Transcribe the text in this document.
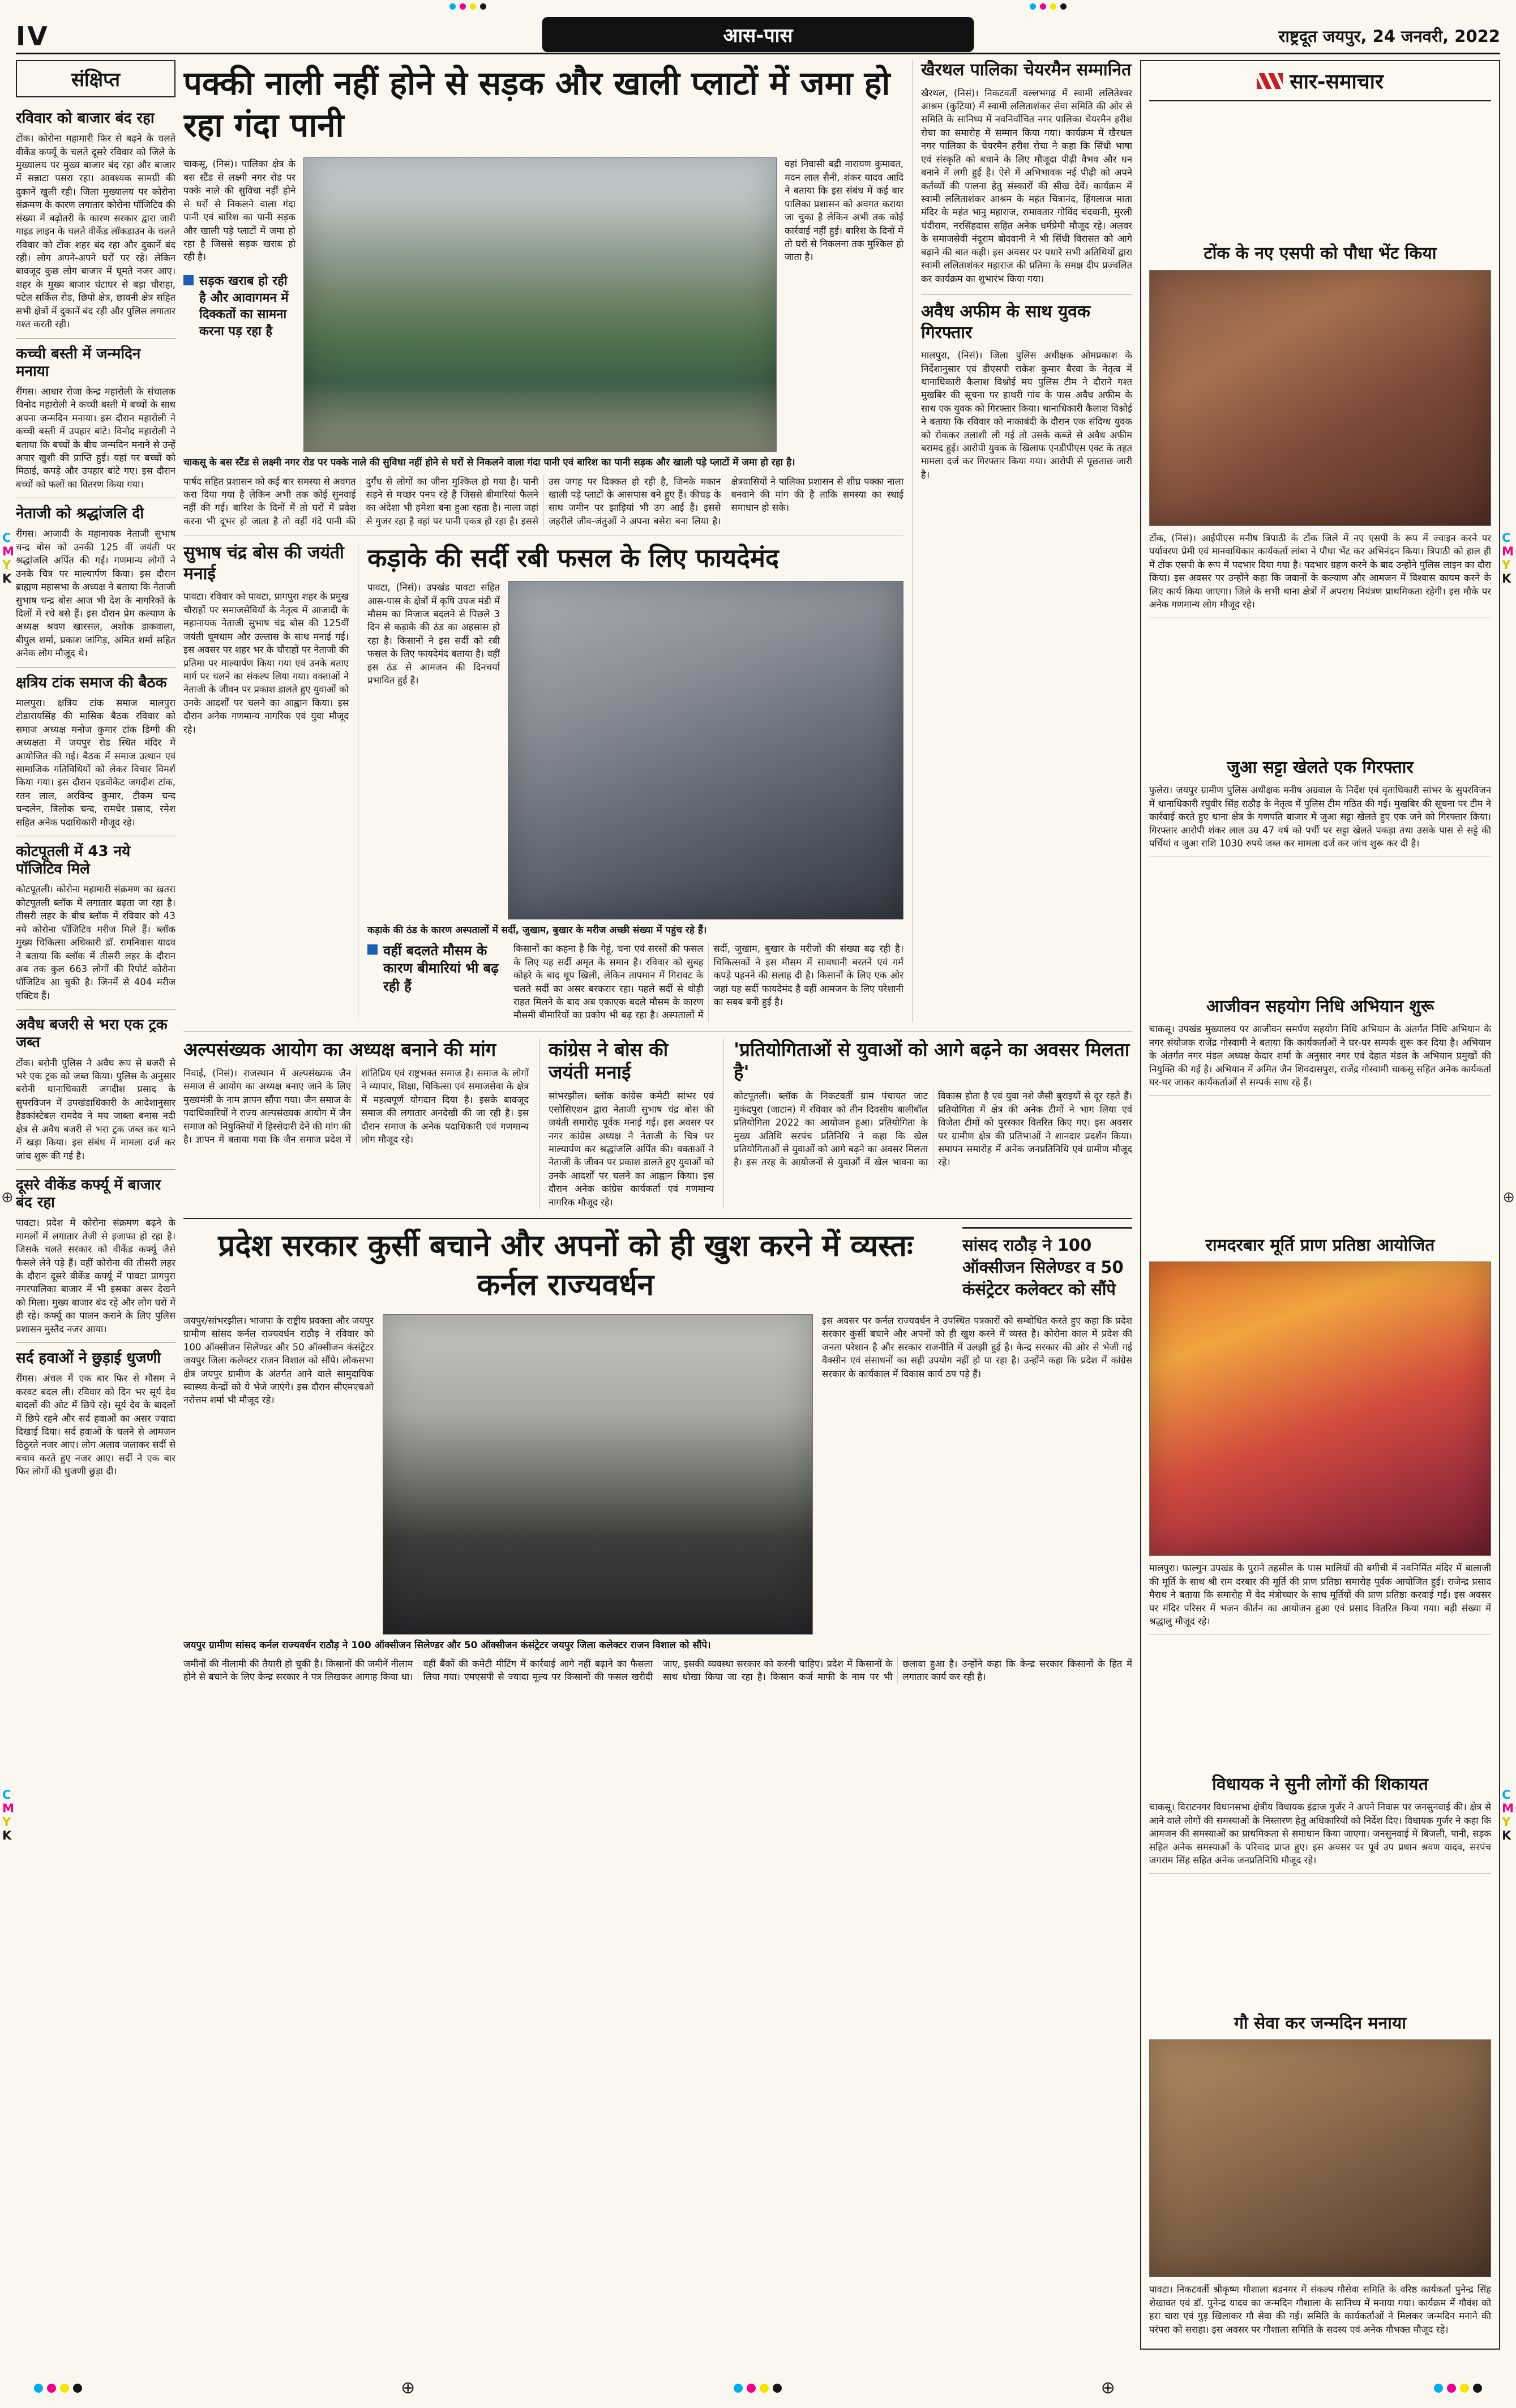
IV	आस-पास	राष्ट्रदूत जयपुर, 24 जनवरी, 2022
संक्षिप्त
रविवार को बाजार बंद रहा

टोंक। कोरोना महामारी फिर से बढ़ने के चलते वीकेंड कर्फ्यू के चलते दूसरे रविवार को जिले के मुख्यालय पर मुख्य बाजार बंद रहा और बाजार में सन्नाटा पसरा रहा। आवश्यक सामग्री की दुकानें खुली रही। जिला मुख्यालय पर कोरोना संक्रमण के कारण लगातार कोरोना पॉजिटिव की संख्या में बढ़ोतरी के कारण सरकार द्वारा जारी गाइड लाइन के चलते वीकेंड लॉकडाउन के चलते रविवार को टोंक शहर बंद रहा और दुकानें बंद रही। लोग अपने-अपने घरों पर रहे। लेकिन बावजूद कुछ लोग बाजार में घूमते नजर आए। शहर के मुख्य बाजार घंटाघर से बड़ा चौराहा, पटेल सर्किल रोड, छिपो क्षेत्र, छावनी क्षेत्र सहित सभी क्षेत्रों में दुकानें बंद रही और पुलिस लगातार गश्त करती रही।

कच्ची बस्ती में जन्मदिन मनाया

रींगस। आधार रोजा केन्द्र महारोली के संचालक विनोद महारोली ने कच्ची बस्ती में बच्चों के साथ अपना जन्मदिन मनाया। इस दौरान महारोली ने कच्ची बस्ती में उपहार बांटे। विनोद महारोली ने बताया कि बच्चों के बीच जन्मदिन मनाने से उन्हें अपार खुशी की प्राप्ति हुई। यहां पर बच्चों को मिठाई, कपड़े और उपहार बांटे गए। इस दौरान बच्चों को फलों का वितरण किया गया।

नेताजी को श्रद्धांजलि दी

रींगस। आजादी के महानायक नेताजी सुभाष चन्द्र बोस को उनकी 125 वीं जयंती पर श्रद्धांजलि अर्पित की गई। गणमान्य लोगों ने उनके चित्र पर माल्यार्पण किया। इस दौरान ब्राह्मण महासभा के अध्यक्ष ने बताया कि नेताजी सुभाष चन्द्र बोस आज भी देश के नागरिकों के दिलों में रचे बसे हैं। इस दौरान प्रेम कल्याण के अध्यक्ष श्रवण खारसल, अशोक डाकवाला, बीपुल शर्मा, प्रकाश जांगिड़, अमित शर्मा सहित अनेक लोग मौजूद थे।

क्षत्रिय टांक समाज की बैठक

मालपुरा। क्षत्रिय टांक समाज मालपुरा टोडारायसिंह की मासिक बैठक रविवार को समाज अध्यक्ष मनोज कुमार टांक डिग्गी की अध्यक्षता में जयपुर रोड स्थित मंदिर में आयोजित की गई। बैठक में समाज उत्थान एवं सामाजिक गतिविधियों को लेकर विचार विमर्श किया गया। इस दौरान एडवोकेट जगदीश टांक, रतन लाल, अरविन्द कुमार, टीकम चन्द चन्दलेन, त्रिलोक चन्द, रामधेर प्रसाद, रमेश सहित अनेक पदाधिकारी मौजूद रहे।

कोटपूतली में 43 नये पॉजिटिव मिले

कोटपूतली। कोरोना महामारी संक्रमण का खतरा कोटपूतली ब्लॉक में लगातार बढ़ता जा रहा है। तीसरी लहर के बीच ब्लॉक में रविवार को 43 नये कोरोना पॉजिटिव मरीज मिले हैं। ब्लॉक मुख्य चिकित्सा अधिकारी डॉ. रामनिवास यादव ने बताया कि ब्लॉक में तीसरी लहर के दौरान अब तक कुल 663 लोगों की रिपोर्ट कोरोना पॉजिटिव आ चुकी है। जिनमें से 404 मरीज एक्टिव हैं।

अवैध बजरी से भरा एक ट्रक जब्त

टोंक। बरोनी पुलिस ने अवैध रूप से बजरी से भरे एक ट्रक को जब्त किया। पुलिस के अनुसार बरोनी थानाधिकारी जगदीश प्रसाद के सुपरविजन में उपखंडाधिकारी के आदेशानुसार हैडकांस्टेबल रामदेव ने मय जाब्ता बनास नदी क्षेत्र से अवैध बजरी से भरा ट्रक जब्त कर थाने में खड़ा किया। इस संबंध में मामला दर्ज कर जांच शुरू की गई है।

दूसरे वीकेंड कर्फ्यू में बाजार बंद रहा

पावटा। प्रदेश में कोरोना संक्रमण बढ़ने के मामलों में लगातार तेजी से इजाफा हो रहा है। जिसके चलते सरकार को वीकेंड कर्फ्यू जैसे फैसले लेने पड़े हैं। वहीं कोरोना की तीसरी लहर के दौरान दूसरे वीकेंड कर्फ्यू में पावटा प्रागपुरा नगरपालिका बाजार में भी इसका असर देखने को मिला। मुख्य बाजार बंद रहे और लोग घरों में ही रहे। कर्फ्यू का पालन कराने के लिए पुलिस प्रशासन मुस्तैद नजर आया।

सर्द हवाओं ने छुड़ाई धुजणी

रींगस। अंचल में एक बार फिर से मौसम ने करवट बदल ली। रविवार को दिन भर सूर्य देव बादलों की ओट में छिपे रहे। सूर्य देव के बादलों में छिपे रहने और सर्द हवाओं का असर ज्यादा दिखाई दिया। सर्द हवाओं के चलने से आमजन ठिठुरते नजर आए। लोग अलाव जलाकर सर्दी से बचाव करते हुए नजर आए। सर्दी ने एक बार फिर लोगों की धुजणी छुड़ा दी।

पक्की नाली नहीं होने से सड़क और खाली प्लाटों में जमा हो रहा गंदा पानी

चाकसू, (निसं)। पालिका क्षेत्र के बस स्टैंड से लक्ष्मी नगर रोड पर पक्के नाले की सुविधा नहीं होने से घरों से निकलने वाला गंदा पानी एवं बारिश का पानी सड़क और खाली पड़े प्लाटों में जमा हो रहा है जिससे सड़क खराब हो रही है।

सड़क खराब हो रही है और आवागमन में दिक्कतों का सामना करना पड़ रहा है

वहां निवासी बद्री नारायण कुमावत, मदन लाल सैनी, शंकर यादव आदि ने बताया कि इस संबंध में कई बार पालिका प्रशासन को अवगत कराया जा चुका है लेकिन अभी तक कोई कार्रवाई नहीं हुई। बारिश के दिनों में तो घरों से निकलना तक मुश्किल हो जाता है।

चाकसू के बस स्टैंड से लक्ष्मी नगर रोड पर पक्के नाले की सुविधा नहीं होने से घरों से निकलने वाला गंदा पानी एवं बारिश का पानी सड़क और खाली पड़े प्लाटों में जमा हो रहा है।

पार्षद सहित प्रशासन को कई बार समस्या से अवगत करा दिया गया है लेकिन अभी तक कोई सुनवाई नहीं की गई। बारिश के दिनों में तो घरों में प्रवेश करना भी दूभर हो जाता है तो वहीं गंदे पानी की दुर्गंध से लोगों का जीना मुश्किल हो गया है। पानी सड़ने से मच्छर पनप रहे हैं जिससे बीमारियां फैलने का अंदेशा भी हमेशा बना हुआ रहता है। नाला जहां से गुजर रहा है वहां पर पानी एकत्र हो रहा है। इससे उस जगह पर दिक्कत हो रही है, जिनके मकान खाली पड़े प्लाटों के आसपास बने हुए हैं। कीचड़ के साथ जमीन पर झाड़ियां भी उग आई हैं। इससे जहरीले जीव-जंतुओं ने अपना बसेरा बना लिया है। क्षेत्रवासियों ने पालिका प्रशासन से शीघ्र पक्का नाला बनवाने की मांग की है ताकि समस्या का स्थाई समाधान हो सके।
सुभाष चंद्र बोस की जयंती मनाई

पावटा। रविवार को पावटा, प्रागपुरा शहर के प्रमुख चौराहों पर समाजसेवियों के नेतृत्व में आजादी के महानायक नेताजी सुभाष चंद्र बोस की 125वीं जयंती धूमधाम और उल्लास के साथ मनाई गई। इस अवसर पर शहर भर के चौराहों पर नेताजी की प्रतिमा पर माल्यार्पण किया गया एवं उनके बताए मार्ग पर चलने का संकल्प लिया गया। वक्ताओं ने नेताजी के जीवन पर प्रकाश डालते हुए युवाओं को उनके आदर्शों पर चलने का आह्वान किया। इस दौरान अनेक गणमान्य नागरिक एवं युवा मौजूद रहे।

कड़ाके की सर्दी रबी फसल के लिए फायदेमंद

पावटा, (निसं)। उपखंड पावटा सहित आस-पास के क्षेत्रों में कृषि उपज मंडी में मौसम का मिजाज बदलने से पिछले 3 दिन से कड़ाके की ठंड का अहसास हो रहा है। किसानों ने इस सर्दी को रबी फसल के लिए फायदेमंद बताया है। वहीं इस ठंड से आमजन की दिनचर्या प्रभावित हुई है।

कड़ाके की ठंड के कारण अस्पतालों में सर्दी, जुखाम, बुखार के मरीज अच्छी संख्या में पहुंच रहे हैं।

वहीं बदलते मौसम के कारण बीमारियां भी बढ़ रही हैं
किसानों का कहना है कि गेहूं, चना एवं सरसों की फसल के लिए यह सर्दी अमृत के समान है। रविवार को सुबह कोहरे के बाद धूप खिली, लेकिन तापमान में गिरावट के चलते सर्दी का असर बरकरार रहा। पहले सर्दी से थोड़ी राहत मिलने के बाद अब एकाएक बदले मौसम के कारण मौसमी बीमारियों का प्रकोप भी बढ़ रहा है। अस्पतालों में सर्दी, जुखाम, बुखार के मरीजों की संख्या बढ़ रही है। चिकित्सकों ने इस मौसम में सावधानी बरतने एवं गर्म कपड़े पहनने की सलाह दी है। किसानों के लिए एक ओर जहां यह सर्दी फायदेमंद है वहीं आमजन के लिए परेशानी का सबब बनी हुई है।
खैरथल पालिका चेयरमैन सम्मानित

खैरथल, (निसं)। निकटवर्ती वल्लभगढ़ में स्वामी ललितेश्वर आश्रम (कुटिया) में स्वामी ललिताशंकर सेवा समिति की ओर से समिति के सानिध्य में नवनिर्वाचित नगर पालिका चेयरमैन हरीश रोचा का समारोह में सम्मान किया गया। कार्यक्रम में खैरथल नगर पालिका के चेयरमैन हरीश रोचा ने कहा कि सिंधी भाषा एवं संस्कृति को बचाने के लिए मौजूदा पीढ़ी वैभव और धन बनाने में लगी हुई है। ऐसे में अभिभावक नई पीढ़ी को अपने कर्तव्यों की पालना हेतु संस्कारों की सीख देवें। कार्यक्रम में स्वामी ललिताशंकर आश्रम के महंत चित्रानंद, हिंगलाज माता मंदिर के महंत भानु महाराज, रामावतार गोविंद चंदवानी, मुरली चंदीराम, नरसिंहदास सहित अनेक धर्मप्रेमी मौजूद रहे। अलवर के समाजसेवी नंदूराम बोदवानी ने भी सिंधी विरासत को आगे बढ़ाने की बात कही। इस अवसर पर पधारे सभी अतिथियों द्वारा स्वामी ललिताशंकर महाराज की प्रतिमा के समक्ष दीप प्रज्वलित कर कार्यक्रम का शुभारंभ किया गया।

अवैध अफीम के साथ युवक गिरफ्तार

मालपुरा, (निसं)। जिला पुलिस अधीक्षक ओमप्रकाश के निर्देशानुसार एवं डीएसपी राकेश कुमार बैरवा के नेतृत्व में थानाधिकारी कैलाश विश्नोई मय पुलिस टीम ने दौराने गश्त मुखबिर की सूचना पर हाथरी गांव के पास अवैध अफीम के साथ एक युवक को गिरफ्तार किया। थानाधिकारी कैलाश विश्नोई ने बताया कि रविवार को नाकाबंदी के दौरान एक संदिग्ध युवक को रोककर तलाशी ली गई तो उसके कब्जे से अवैध अफीम बरामद हुई। आरोपी युवक के खिलाफ एनडीपीएस एक्ट के तहत मामला दर्ज कर गिरफ्तार किया गया। आरोपी से पूछताछ जारी है।

अल्पसंख्यक आयोग का अध्यक्ष बनाने की मांग
निवाई, (निसं)। राजस्थान में अल्पसंख्यक जैन समाज से आयोग का अध्यक्ष बनाए जाने के लिए मुख्यमंत्री के नाम ज्ञापन सौंपा गया। जैन समाज के पदाधिकारियों ने राज्य अल्पसंख्यक आयोग में जैन समाज को नियुक्तियों में हिस्सेदारी देने की मांग की है। ज्ञापन में बताया गया कि जैन समाज प्रदेश में शांतिप्रिय एवं राष्ट्रभक्त समाज है। समाज के लोगों ने व्यापार, शिक्षा, चिकित्सा एवं समाजसेवा के क्षेत्र में महत्वपूर्ण योगदान दिया है। इसके बावजूद समाज की लगातार अनदेखी की जा रही है। इस दौरान समाज के अनेक पदाधिकारी एवं गणमान्य लोग मौजूद रहे।
कांग्रेस ने बोस की जयंती मनाई

सांभरझील। ब्लॉक कांग्रेस कमेटी सांभर एवं एसोसिएशन द्वारा नेताजी सुभाष चंद्र बोस की जयंती समारोह पूर्वक मनाई गई। इस अवसर पर नगर कांग्रेस अध्यक्ष ने नेताजी के चित्र पर माल्यार्पण कर श्रद्धांजलि अर्पित की। वक्ताओं ने नेताजी के जीवन पर प्रकाश डालते हुए युवाओं को उनके आदर्शों पर चलने का आह्वान किया। इस दौरान अनेक कांग्रेस कार्यकर्ता एवं गणमान्य नागरिक मौजूद रहे।

'प्रतियोगिताओं से युवाओं को आगे बढ़ने का अवसर मिलता है'
कोटपूतली। ब्लॉक के निकटवर्ती ग्राम पंचायत जाट मुकंदपुरा (जाटान) में रविवार को तीन दिवसीय बालीबॉल प्रतियोगिता 2022 का आयोजन हुआ। प्रतियोगिता के मुख्य अतिथि सरपंच प्रतिनिधि ने कहा कि खेल प्रतियोगिताओं से युवाओं को आगे बढ़ने का अवसर मिलता है। इस तरह के आयोजनों से युवाओं में खेल भावना का विकास होता है एवं युवा नशे जैसी बुराइयों से दूर रहते हैं। प्रतियोगिता में क्षेत्र की अनेक टीमों ने भाग लिया एवं विजेता टीमों को पुरस्कार वितरित किए गए। इस अवसर पर ग्रामीण क्षेत्र की प्रतिभाओं ने शानदार प्रदर्शन किया। समापन समारोह में अनेक जनप्रतिनिधि एवं ग्रामीण मौजूद रहे।
प्रदेश सरकार कुर्सी बचाने और अपनों को ही खुश करने में व्यस्तः कर्नल राज्यवर्धन
सांसद राठौड़ ने 100 ऑक्सीजन सिलेण्डर व 50 कंसंट्रेटर कलेक्टर को सौंपे

जयपुर/सांभरझील। भाजपा के राष्ट्रीय प्रवक्ता और जयपुर ग्रामीण सांसद कर्नल राज्यवर्धन राठौड़ ने रविवार को 100 ऑक्सीजन सिलेण्डर और 50 ऑक्सीजन कंसंट्रेटर जयपुर जिला कलेक्टर राजन विशाल को सौंपे। लोकसभा क्षेत्र जयपुर ग्रामीण के अंतर्गत आने वाले सामुदायिक स्वास्थ्य केन्द्रों को ये भेजे जाएंगे। इस दौरान सीएमएचओ नरोत्तम शर्मा भी मौजूद रहे।

इस अवसर पर कर्नल राज्यवर्धन ने उपस्थित पत्रकारों को सम्बोधित करते हुए कहा कि प्रदेश सरकार कुर्सी बचाने और अपनों को ही खुश करने में व्यस्त है। कोरोना काल में प्रदेश की जनता परेशान है और सरकार राजनीति में उलझी हुई है। केन्द्र सरकार की ओर से भेजी गई वैक्सीन एवं संसाधनों का सही उपयोग नहीं हो पा रहा है। उन्होंने कहा कि प्रदेश में कांग्रेस सरकार के कार्यकाल में विकास कार्य ठप पड़े हैं।

जयपुर ग्रामीण सांसद कर्नल राज्यवर्धन राठौड़ ने 100 ऑक्सीजन सिलेण्डर और 50 ऑक्सीजन कंसंट्रेटर जयपुर जिला कलेक्टर राजन विशाल को सौंपे।

जमीनों की नीलामी की तैयारी हो चुकी है। किसानों की जमीनें नीलाम होने से बचाने के लिए केन्द्र सरकार ने पत्र लिखकर आगाह किया था। वहीं बैंकों की कमेटी मीटिंग में कार्रवाई आगे नहीं बढ़ाने का फैसला लिया गया। एमएसपी से ज्यादा मूल्य पर किसानों की फसल खरीदी जाए, इसकी व्यवस्था सरकार को करनी चाहिए। प्रदेश में किसानों के साथ धोखा किया जा रहा है। किसान कर्ज माफी के नाम पर भी छलावा हुआ है। उन्होंने कहा कि केन्द्र सरकार किसानों के हित में लगातार कार्य कर रही है।
सार-समाचार
टोंक के नए एसपी को पौधा भेंट किया

टोंक, (निसं)। आईपीएस मनीष त्रिपाठी के टोंक जिले में नए एसपी के रूप में ज्वाइन करने पर पर्यावरण प्रेमी एवं मानवाधिकार कार्यकर्ता लांबा ने पौधा भेंट कर अभिनंदन किया। त्रिपाठी को हाल ही में टोंक एसपी के रूप में पदभार दिया गया है। पदभार ग्रहण करने के बाद उन्होंने पुलिस लाइन का दौरा किया। इस अवसर पर उन्होंने कहा कि जवानों के कल्याण और आमजन में विश्वास कायम करने के लिए कार्य किया जाएगा। जिले के सभी थाना क्षेत्रों में अपराध नियंत्रण प्राथमिकता रहेगी। इस मौके पर अनेक गणमान्य लोग मौजूद रहे।

जुआ सट्टा खेलते एक गिरफ्तार

फुलेरा। जयपुर ग्रामीण पुलिस अधीक्षक मनीष अग्रवाल के निर्देश एवं वृताधिकारी सांभर के सुपरविजन में थानाधिकारी रघुवीर सिंह राठौड़ के नेतृत्व में पुलिस टीम गठित की गई। मुखबिर की सूचना पर टीम ने कार्रवाई करते हुए थाना क्षेत्र के गणपति बाजार में जुआ सट्टा खेलते हुए एक जने को गिरफ्तार किया। गिरफ्तार आरोपी शंकर लाल उम्र 47 वर्ष को पर्ची पर सट्टा खेलते पकड़ा तथा उसके पास से सट्टे की पर्चियां व जुआ राशि 1030 रुपये जब्त कर मामला दर्ज कर जांच शुरू कर दी है।

आजीवन सहयोग निधि अभियान शुरू

चाकसू। उपखंड मुख्यालय पर आजीवन समर्पण सहयोग निधि अभियान के अंतर्गत निधि अभियान के नगर संयोजक राजेंद्र गोस्वामी ने बताया कि कार्यकर्ताओं ने घर-घर सम्पर्क शुरू कर दिया है। अभियान के अंतर्गत नगर मंडल अध्यक्ष केदार शर्मा के अनुसार नगर एवं देहात मंडल के अभियान प्रमुखों की नियुक्ति की गई है। अभियान में अमित जैन शिवदासपुरा, राजेंद्र गोस्वामी चाकसू सहित अनेक कार्यकर्ता घर-घर जाकर कार्यकर्ताओं से सम्पर्क साध रहे हैं।

रामदरबार मूर्ति प्राण प्रतिष्ठा आयोजित

मालपुरा। फाल्गुन उपखंड के पुराने तहसील के पास मालियों की बगीची में नवनिर्मित मंदिर में बालाजी की मूर्ति के साथ श्री राम दरबार की मूर्ति की प्राण प्रतिष्ठा समारोह पूर्वक आयोजित हुई। राजेन्द्र प्रसाद मैराथ ने बताया कि समारोह में वेद मंत्रोच्चार के साथ मूर्तियों की प्राण प्रतिष्ठा करवाई गई। इस अवसर पर मंदिर परिसर में भजन कीर्तन का आयोजन हुआ एवं प्रसाद वितरित किया गया। बड़ी संख्या में श्रद्धालु मौजूद रहे।

विधायक ने सुनी लोगों की शिकायत

चाकसू। विराटनगर विधानसभा क्षेत्रीय विधायक इंद्राज गुर्जर ने अपने निवास पर जनसुनवाई की। क्षेत्र से आने वाले लोगों की समस्याओं के निस्तारण हेतु अधिकारियों को निर्देश दिए। विधायक गुर्जर ने कहा कि आमजन की समस्याओं का प्राथमिकता से समाधान किया जाएगा। जनसुनवाई में बिजली, पानी, सड़क सहित अनेक समस्याओं के परिवाद प्राप्त हुए। इस अवसर पर पूर्व उप प्रधान श्रवण यादव, सरपंच जगराम सिंह सहित अनेक जनप्रतिनिधि मौजूद रहे।

गौ सेवा कर जन्मदिन मनाया

पावटा। निकटवर्ती श्रीकृष्ण गौशाला बडनगर में संकल्प गौसेवा समिति के वरिष्ठ कार्यकर्ता पुनेन्द्र सिंह शेखावत एवं डॉ. पुनेन्द्र यादव का जन्मदिन गौशाला के सानिध्य में मनाया गया। कार्यक्रम में गौवंश को हरा चारा एवं गुड़ खिलाकर गौ सेवा की गई। समिति के कार्यकर्ताओं ने मिलकर जन्मदिन मनाने की परंपरा को सराहा। इस अवसर पर गौशाला समिति के सदस्य एवं अनेक गौभक्त मौजूद रहे।

C
M
Y
K
C
M
Y
K
C
M
Y
K
C
M
Y
K
⊕	⊕
⊕	⊕
